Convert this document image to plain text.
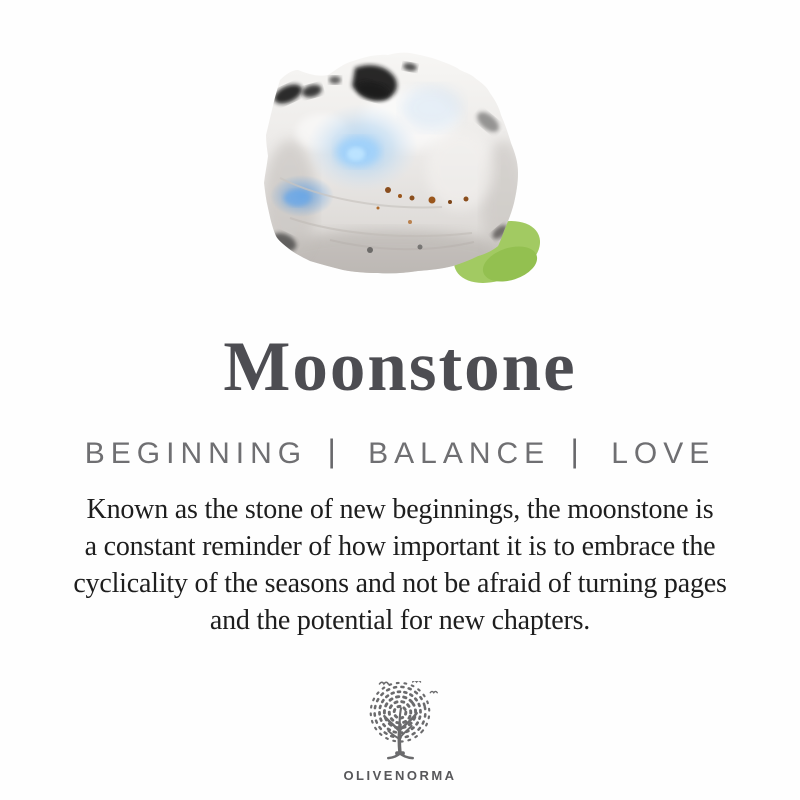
Moonstone
BEGINNING | BALANCE | LOVE
Known as the stone of new beginnings, the moonstone is
a constant reminder of how important it is to embrace the
cyclicality of the seasons and not be afraid of turning pages
and the potential for new chapters.
OLIVENORMA
